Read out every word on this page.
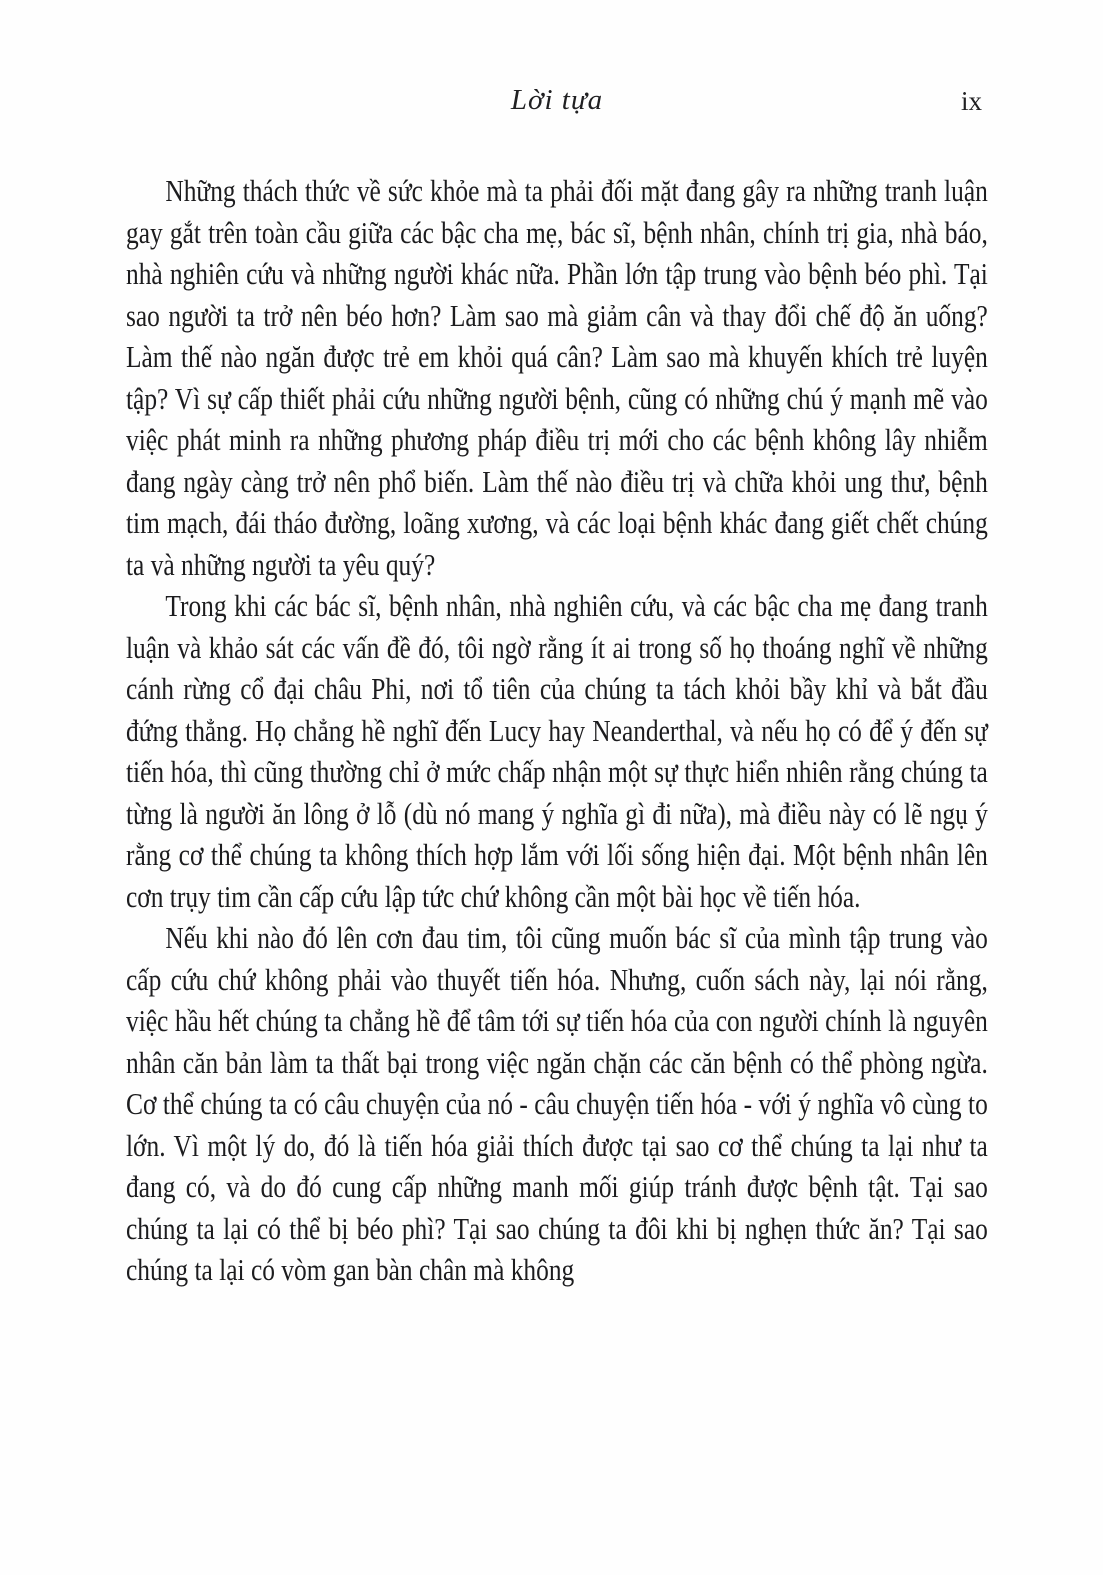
Lời tựa	ix

Những thách thức về sức khỏe mà ta phải đối mặt đang gây ra những tranh luận gay gắt trên toàn cầu giữa các bậc cha mẹ, bác sĩ, bệnh nhân, chính trị gia, nhà báo, nhà nghiên cứu và những người khác nữa. Phần lớn tập trung vào bệnh béo phì. Tại sao người ta trở nên béo hơn? Làm sao mà giảm cân và thay đổi chế độ ăn uống? Làm thế nào ngăn được trẻ em khỏi quá cân? Làm sao mà khuyến khích trẻ luyện tập? Vì sự cấp thiết phải cứu những người bệnh, cũng có những chú ý mạnh mẽ vào việc phát minh ra những phương pháp điều trị mới cho các bệnh không lây nhiễm đang ngày càng trở nên phổ biến. Làm thế nào điều trị và chữa khỏi ung thư, bệnh tim mạch, đái tháo đường, loãng xương, và các loại bệnh khác đang giết chết chúng ta và những người ta yêu quý?

Trong khi các bác sĩ, bệnh nhân, nhà nghiên cứu, và các bậc cha mẹ đang tranh luận và khảo sát các vấn đề đó, tôi ngờ rằng ít ai trong số họ thoáng nghĩ về những cánh rừng cổ đại châu Phi, nơi tổ tiên của chúng ta tách khỏi bầy khỉ và bắt đầu đứng thẳng. Họ chẳng hề nghĩ đến Lucy hay Neanderthal, và nếu họ có để ý đến sự tiến hóa, thì cũng thường chỉ ở mức chấp nhận một sự thực hiển nhiên rằng chúng ta từng là người ăn lông ở lỗ (dù nó mang ý nghĩa gì đi nữa), mà điều này có lẽ ngụ ý rằng cơ thể chúng ta không thích hợp lắm với lối sống hiện đại. Một bệnh nhân lên cơn trụy tim cần cấp cứu lập tức chứ không cần một bài học về tiến hóa.

Nếu khi nào đó lên cơn đau tim, tôi cũng muốn bác sĩ của mình tập trung vào cấp cứu chứ không phải vào thuyết tiến hóa. Nhưng, cuốn sách này, lại nói rằng, việc hầu hết chúng ta chẳng hề để tâm tới sự tiến hóa của con người chính là nguyên nhân căn bản làm ta thất bại trong việc ngăn chặn các căn bệnh có thể phòng ngừa. Cơ thể chúng ta có câu chuyện của nó - câu chuyện tiến hóa - với ý nghĩa vô cùng to lớn. Vì một lý do, đó là tiến hóa giải thích được tại sao cơ thể chúng ta lại như ta đang có, và do đó cung cấp những manh mối giúp tránh được bệnh tật. Tại sao chúng ta lại có thể bị béo phì? Tại sao chúng ta đôi khi bị nghẹn thức ăn? Tại sao chúng ta lại có vòm gan bàn chân mà không
